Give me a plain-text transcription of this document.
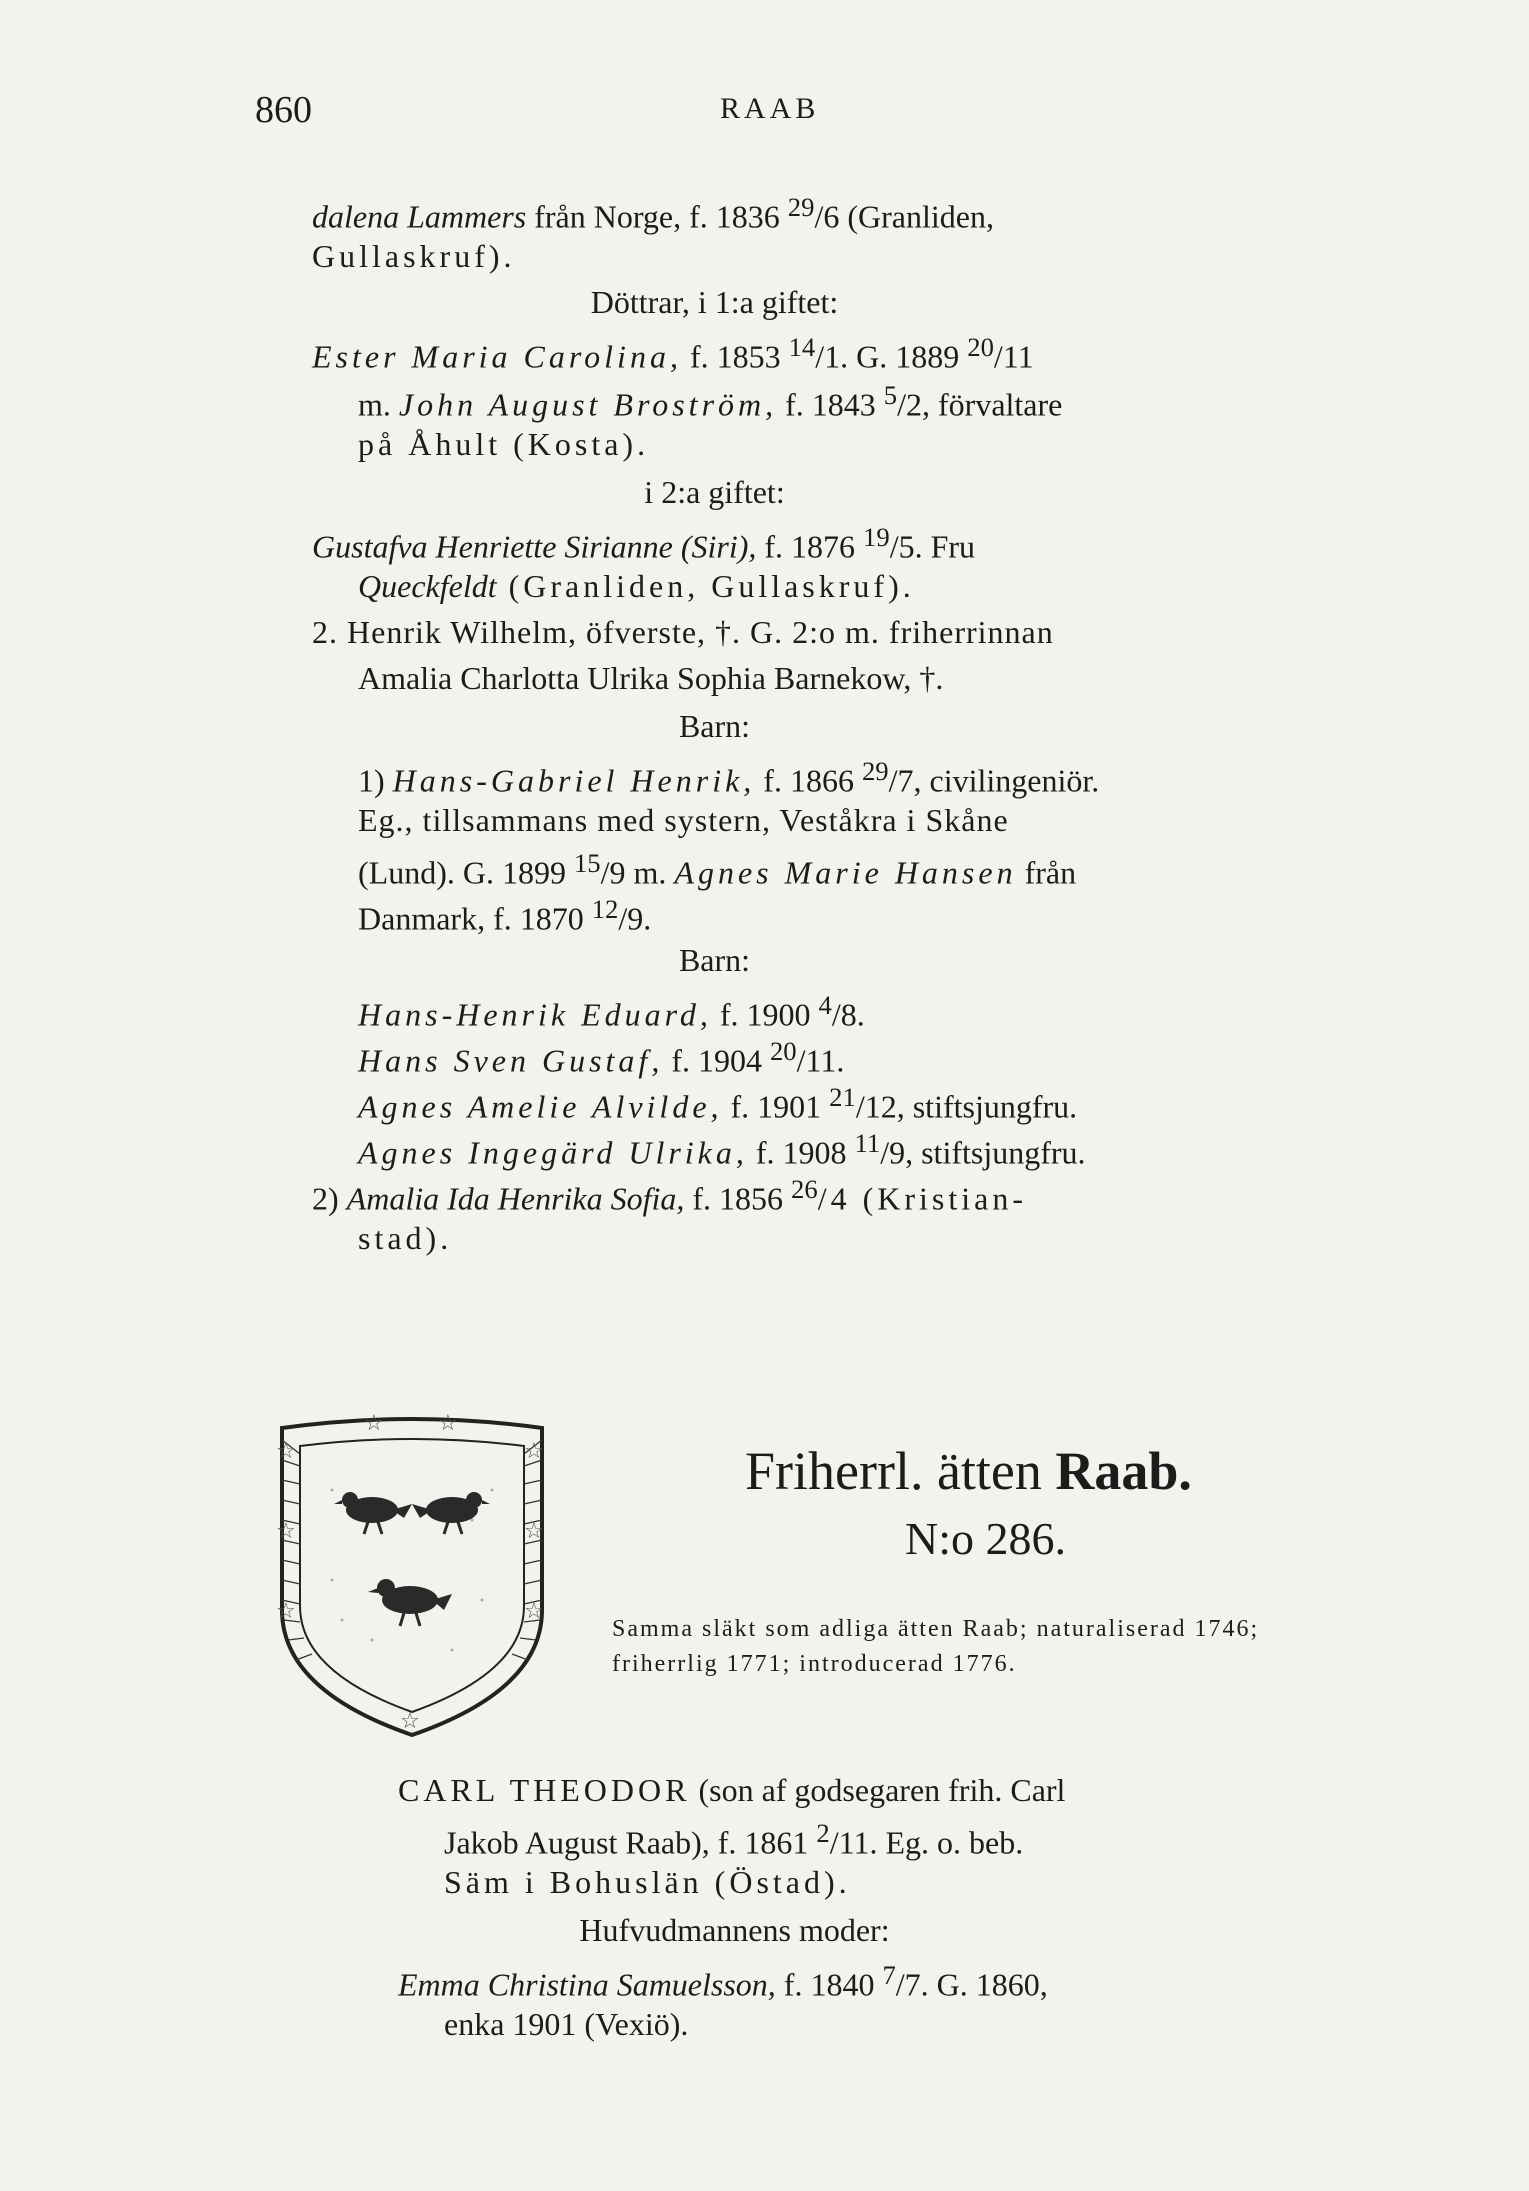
860	RAAB
dalena Lammers från Norge, f. 1836 $^{29}$/6 (Granliden,
Gullaskruf).
Döttrar, i 1:a giftet:
Ester Maria Carolina, f. 1853 $^{14}$/1. G. 1889 $^{20}$/11
m. John August Broström, f. 1843 $^5$/2, förvaltare
på Åhult (Kosta).
i 2:a giftet:
Gustafva Henriette Sirianne (Siri), f. 1876 $^{19}$/5. Fru
Queckfeldt (Granliden, Gullaskruf).
2. Henrik Wilhelm, öfverste, †. G. 2:o m. friherrinnan
Amalia Charlotta Ulrika Sophia Barnekow, †.
Barn:
1) Hans-Gabriel Henrik, f. 1866 $^{29}$/7, civilingeniör.
Eg., tillsammans med systern, Veståkra i Skåne
(Lund). G. 1899 $^{15}$/9 m. Agnes Marie Hansen från
Danmark, f. 1870 $^{12}$/9.
Barn:
Hans-Henrik Eduard, f. 1900 $^4$/8.
Hans Sven Gustaf, f. 1904 $^{20}$/11.
Agnes Amelie Alvilde, f. 1901 $^{21}$/12, stiftsjungfru.
Agnes Ingegärd Ulrika, f. 1908 $^{11}$/9, stiftsjungfru.
2) Amalia Ida Henrika Sofia, f. 1856 $^{26}$/4 (Kristian-
stad).
☆
☆
☆
☆
☆
☆
☆ ☆
☆
Friherrl. ätten Raab.
N:o 286.
Samma släkt som adliga ätten Raab; naturaliserad 1746; friherrlig 1771; introducerad 1776.
CARL THEODOR (son af godsegaren frih. Carl
Jakob August Raab), f. 1861 $^2$/11. Eg. o. beb.
Säm i Bohuslän (Östad).
Hufvudmannens moder:
Emma Christina Samuelsson, f. 1840 $^7$/7. G. 1860,
enka 1901 (Vexiö).
